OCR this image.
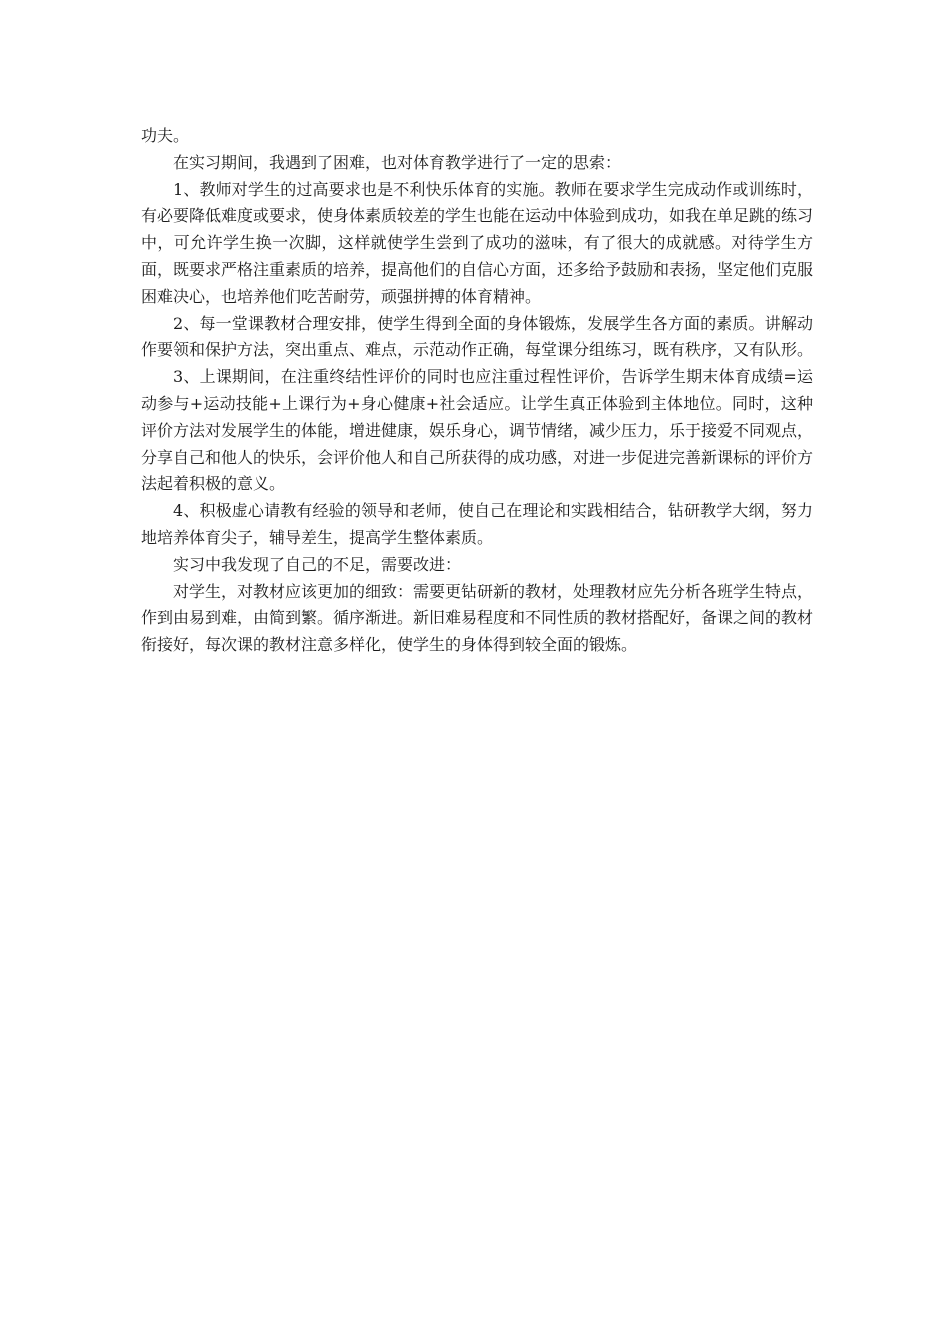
功夫。

在实习期间，我遇到了困难，也对体育教学进行了一定的思索：

1、教师对学生的过高要求也是不利快乐体育的实施。教师在要求学生完成动作或训练时，有必要降低难度或要求，使身体素质较差的学生也能在运动中体验到成功，如我在单足跳的练习中，可允许学生换一次脚，这样就使学生尝到了成功的滋味，有了很大的成就感。对待学生方面，既要求严格注重素质的培养，提高他们的自信心方面，还多给予鼓励和表扬，坚定他们克服困难决心，也培养他们吃苦耐劳，顽强拼搏的体育精神。

2、每一堂课教材合理安排，使学生得到全面的身体锻炼，发展学生各方面的素质。讲解动作要领和保护方法，突出重点、难点，示范动作正确，每堂课分组练习，既有秩序，又有队形。

3、上课期间，在注重终结性评价的同时也应注重过程性评价，告诉学生期末体育成绩=运动参与+运动技能+上课行为+身心健康+社会适应。让学生真正体验到主体地位。同时，这种评价方法对发展学生的体能，增进健康，娱乐身心，调节情绪，减少压力，乐于接爱不同观点，分享自己和他人的快乐，会评价他人和自己所获得的成功感，对进一步促进完善新课标的评价方法起着积极的意义。

4、积极虚心请教有经验的领导和老师，使自己在理论和实践相结合，钻研教学大纲，努力地培养体育尖子，辅导差生，提高学生整体素质。

实习中我发现了自己的不足，需要改进：

对学生，对教材应该更加的细致：需要更钻研新的教材，处理教材应先分析各班学生特点，作到由易到难，由简到繁。循序渐进。新旧难易程度和不同性质的教材搭配好，备课之间的教材衔接好，每次课的教材注意多样化，使学生的身体得到较全面的锻炼。
